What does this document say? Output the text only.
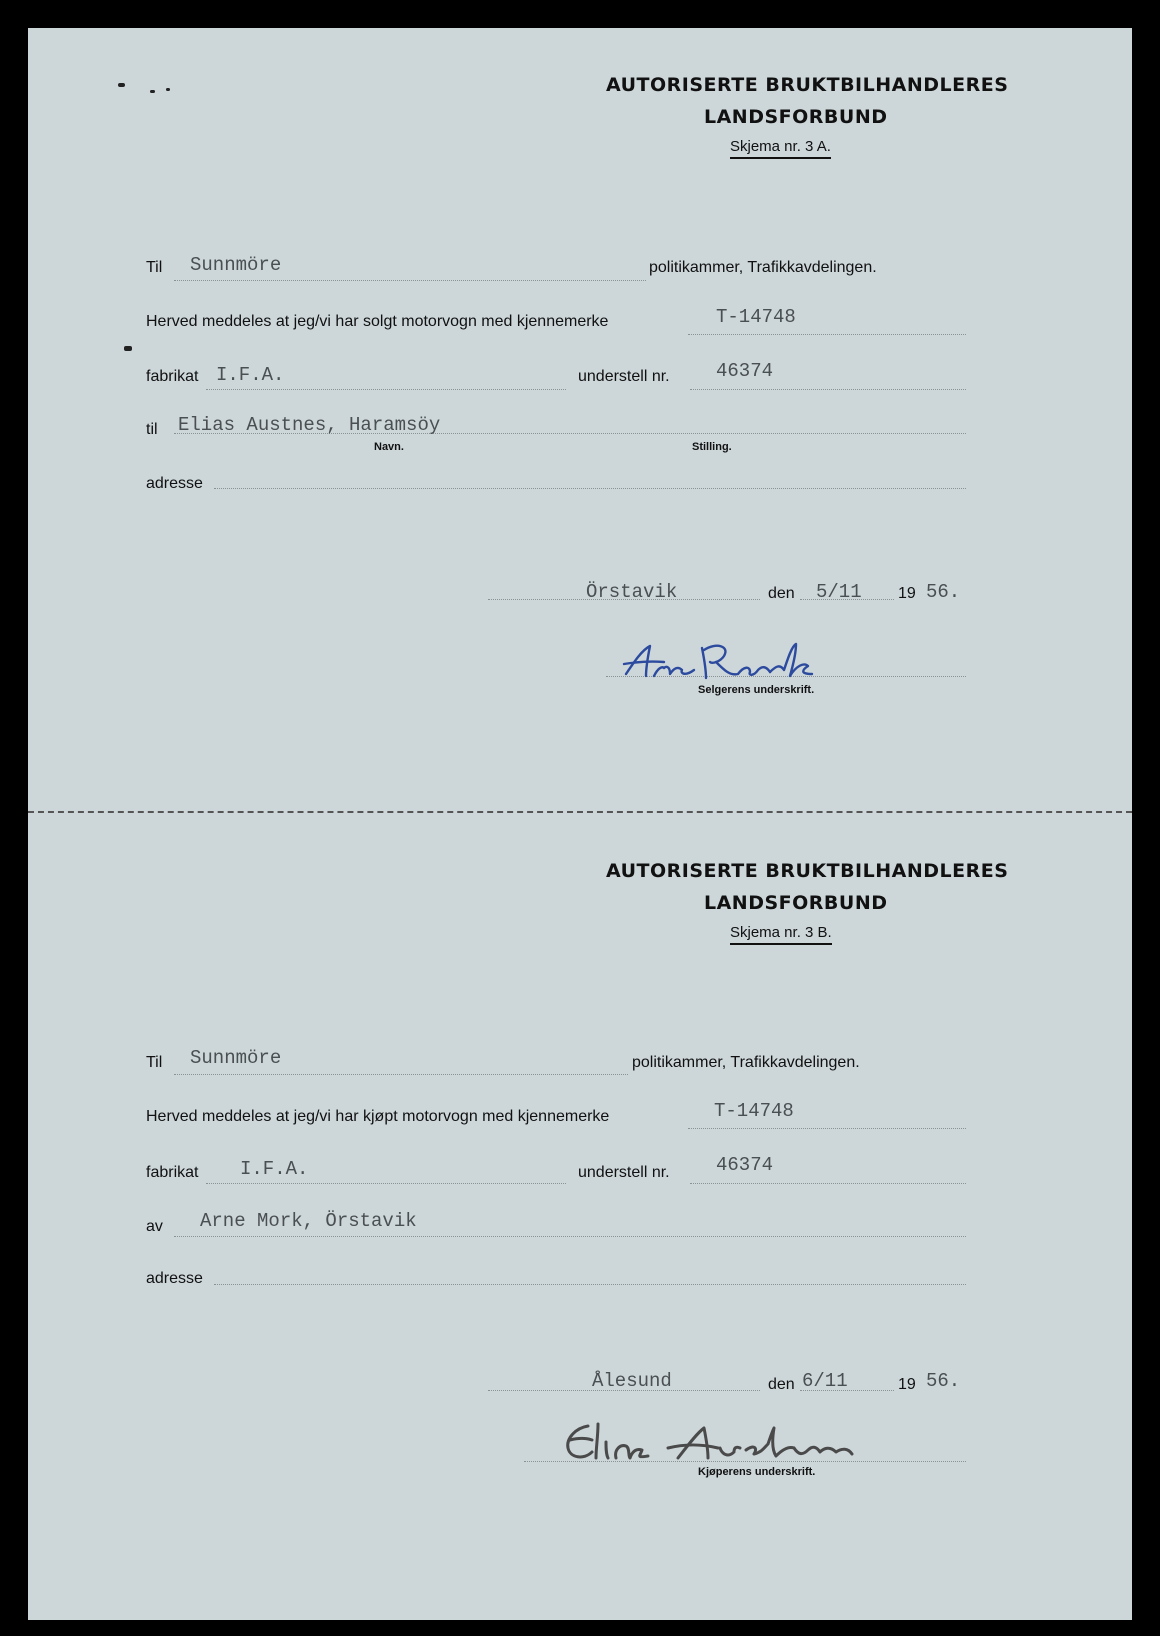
AUTORISERTE BRUKTBILHANDLERES
LANDSFORBUND
Skjema nr. 3 A.
Til Sunnmöre	politikammer, Trafikkavdelingen.
Herved meddeles at jeg/vi har solgt motorvogn med kjennemerke	T-14748
fabrikat I.F.A.	understell nr. 46374
til Elias Austnes, Haramsöy
Navn.	Stilling.
adresse
Örstavik	den 5/11 19 56.
Selgerens underskrift.
AUTORISERTE BRUKTBILHANDLERES
LANDSFORBUND
Skjema nr. 3 B.
Til Sunnmöre	politikammer, Trafikkavdelingen.
Herved meddeles at jeg/vi har kjøpt motorvogn med kjennemerke	T-14748
fabrikat I.F.A.	understell nr. 46374
av Arne Mork, Örstavik
adresse
Ålesund	den 6/11	19 56.
Kjøperens underskrift.
